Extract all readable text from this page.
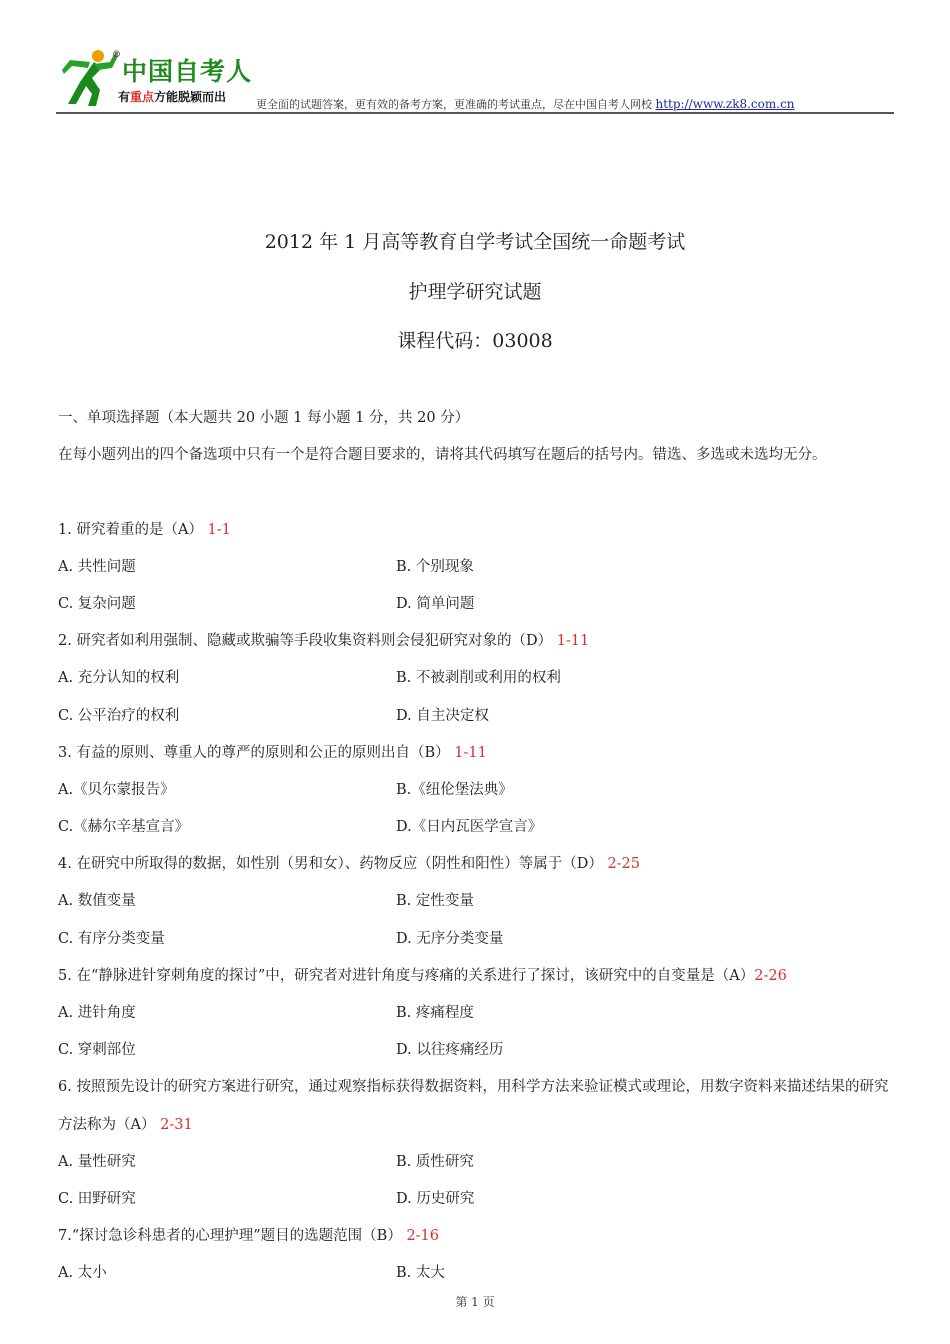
®
中国自考人
有重点方能脱颖而出
更全面的试题答案，更有效的备考方案，更准确的考试重点，尽在中国自考人网校 http://www.zk8.com.cn
2012 年 1 月高等教育自学考试全国统一命题考试
护理学研究试题
课程代码：03008
一、单项选择题（本大题共 20 小题 1 每小题 1 分，共 20 分）
在每小题列出的四个备选项中只有一个是符合题目要求的，请将其代码填写在题后的括号内。错选、多选或未选均无分。
1. 研究着重的是（A） 1-1
A. 共性问题	B. 个别现象
C. 复杂问题	D. 简单问题
2. 研究者如利用强制、隐藏或欺骗等手段收集资料则会侵犯研究对象的（D） 1-11
A. 充分认知的权利	B. 不被剥削或利用的权利
C. 公平治疗的权利	D. 自主决定权
3. 有益的原则、尊重人的尊严的原则和公正的原则出自（B） 1-11
A.《贝尔蒙报告》	B.《纽伦堡法典》
C.《赫尔辛基宣言》	D.《日内瓦医学宣言》
4. 在研究中所取得的数据，如性别（男和女）、药物反应（阴性和阳性）等属于（D） 2-25
A. 数值变量	B. 定性变量
C. 有序分类变量	D. 无序分类变量
5. 在“静脉进针穿刺角度的探讨”中，研究者对进针角度与疼痛的关系进行了探讨，该研究中的自变量是（A）2-26
A. 进针角度	B. 疼痛程度
C. 穿刺部位	D. 以往疼痛经历
6. 按照预先设计的研究方案进行研究，通过观察指标获得数据资料，用科学方法来验证模式或理论，用数字资料来描述结果的研究方法称为（A） 2-31
A. 量性研究	B. 质性研究
C. 田野研究	D. 历史研究
7.“探讨急诊科患者的心理护理”题目的选题范围（B） 2-16
A. 太小	B. 太大
第 1 页
